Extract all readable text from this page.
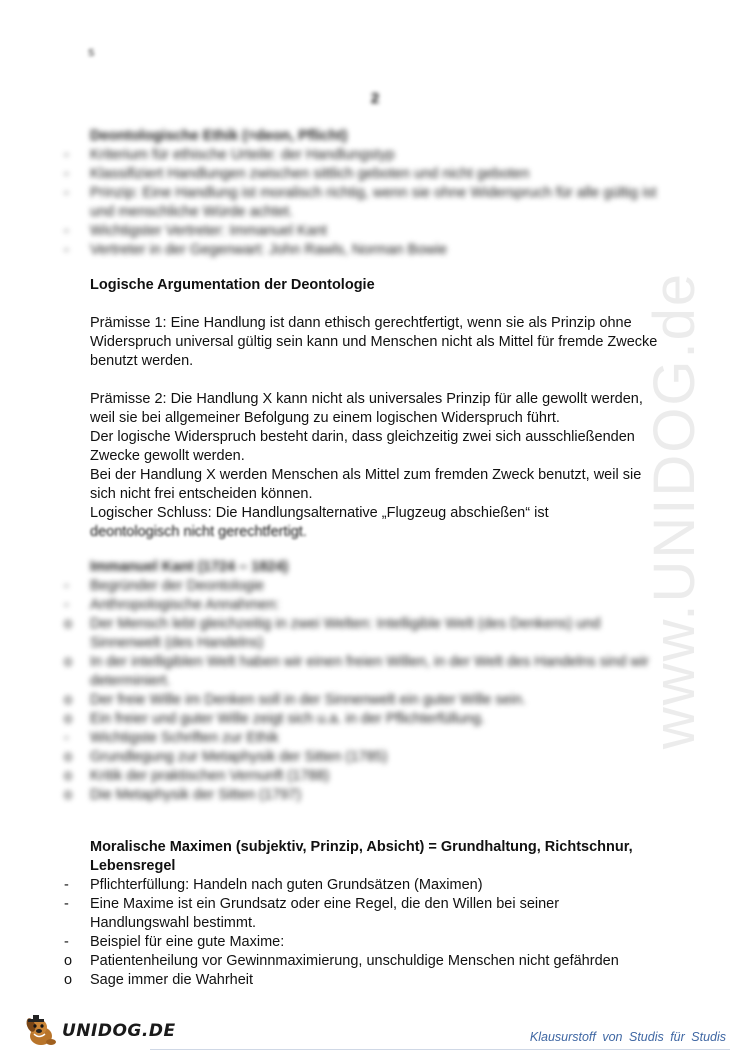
www.UNIDOG.de
s
2
Deontologische Ethik (=deon, Pflicht)
-	Kriterium für ethische Urteile: der Handlungstyp
-	Klassifiziert Handlungen zwischen sittlich geboten und nicht geboten
-	Prinzip: Eine Handlung ist moralisch richtig, wenn sie ohne Widerspruch für alle gültig ist und menschliche Würde achtet.
-	Wichtigster Vertreter: Immanuel Kant
-	Vertreter in der Gegenwart: John Rawls, Norman Bowie
Logische Argumentation der Deontologie

Prämisse 1: Eine Handlung ist dann ethisch gerechtfertigt, wenn sie als Prinzip ohne Widerspruch universal gültig sein kann und Menschen nicht als Mittel für fremde Zwecke benutzt werden.

Prämisse 2: Die Handlung X kann nicht als universales Prinzip für alle gewollt werden, weil sie bei allgemeiner Befolgung zu einem logischen Widerspruch führt.

Der logische Widerspruch besteht darin, dass gleichzeitig zwei sich ausschließenden Zwecke gewollt werden.

Bei der Handlung X werden Menschen als Mittel zum fremden Zweck benutzt, weil sie sich nicht frei entscheiden können.

Logischer Schluss: Die Handlungsalternative „Flugzeug abschießen“ ist

deontologisch nicht gerechtfertigt.

Immanuel Kant (1724 – 1824)
-	Begründer der Deontologie
-	Anthropologische Annahmen:
o	Der Mensch lebt gleichzeitig in zwei Welten: Intelligible Welt (des Denkens) und Sinnenwelt (des Handelns)
o	In der intelligiblen Welt haben wir einen freien Willen, in der Welt des Handelns sind wir determiniert.
o	Der freie Wille im Denken soll in der Sinnenwelt ein guter Wille sein.
o	Ein freier und guter Wille zeigt sich u.a. in der Pflichterfüllung.
-	Wichtigste Schriften zur Ethik
o	Grundlegung zur Metaphysik der Sitten (1785)
o	Kritik der praktischen Vernunft (1788)
o	Die Metaphysik der Sitten (1797)
Moralische Maximen (subjektiv, Prinzip, Absicht) = Grundhaltung, Richtschnur, Lebensregel
-	Pflichterfüllung: Handeln nach guten Grundsätzen (Maximen)
-	Eine Maxime ist ein Grundsatz oder eine Regel, die den Willen bei seiner Handlungswahl bestimmt.
-	Beispiel für eine gute Maxime:
o	Patientenheilung vor Gewinnmaximierung, unschuldige Menschen nicht gefährden
o	Sage immer die Wahrheit
UNIDOG.DE	Klausurstoff von Studis für Studis
